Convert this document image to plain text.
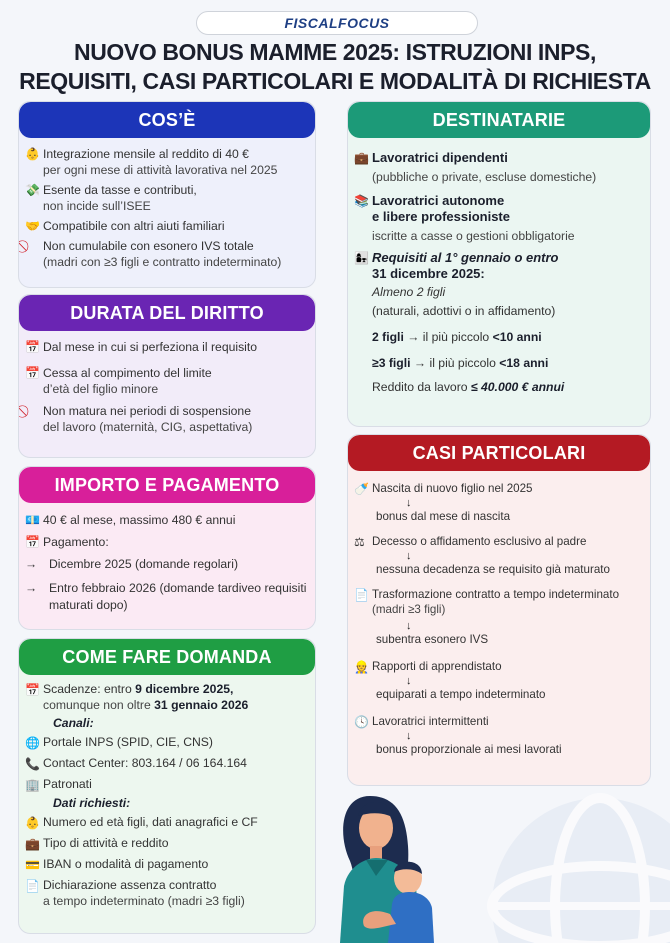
FISCALFOCUS
NUOVO BONUS MAMME 2025: ISTRUZIONI INPS,
REQUISITI, CASI PARTICOLARI E MODALITÀ DI RICHIESTA
COS’È
👶 Integrazione mensile al reddito di 40 €
per ogni mese di attività lavorativa nel 2025
💸 Esente da tasse e contributi,
non incide sull’ISEE
🤝 Compatibile con altri aiuti familiari
Non cumulabile con esonero IVS totale
(madri con ≥3 figli e contratto indeterminato)
DURATA DEL DIRITTO
📅 Dal mese in cui si perfeziona il requisito
📅 Cessa al compimento del limite
d’età del figlio minore
Non matura nei periodi di sospensione
del lavoro (maternità, CIG, aspettativa)
IMPORTO E PAGAMENTO
💶 40 € al mese, massimo 480 € annui
📅 Pagamento:
→ Dicembre 2025 (domande regolari)
→ Entro febbraio 2026 (domande tardiveo requisiti maturati dopo)
COME FARE DOMANDA
📅 Scadenze: entro 9 dicembre 2025,
comunque non oltre 31 gennaio 2026
Canali:
🌐 Portale INPS (SPID, CIE, CNS)
📞 Contact Center: 803.164 / 06 164.164
🏢 Patronati
Dati richiesti:
👶 Numero ed età figli, dati anagrafici e CF
💼 Tipo di attività e reddito
💳 IBAN o modalità di pagamento
📄 Dichiarazione assenza contratto
a tempo indeterminato (madri ≥3 figli)
DESTINATARIE
💼 Lavoratrici dipendenti
(pubbliche o private, escluse domestiche)
📚 Lavoratrici autonome
e libere professioniste
iscritte a casse o gestioni obbligatorie
👩‍👧 Requisiti al 1° gennaio o entro
31 dicembre 2025:
Almeno 2 figli
(naturali, adottivi o in affidamento)
2 figli → il più piccolo <10 anni
≥3 figli → il più piccolo <18 anni
Reddito da lavoro ≤ 40.000 € annui
CASI PARTICOLARI
🍼 Nascita di nuovo figlio nel 2025
↓
bonus dal mese di nascita
⚖ Decesso o affidamento esclusivo al padre
↓
nessuna decadenza se requisito già maturato
📄 Trasformazione contratto a tempo indeterminato
(madri ≥3 figli)
↓
subentra esonero IVS
👷 Rapporti di apprendistato
↓
equiparati a tempo indeterminato
🕓 Lavoratrici intermittenti
↓
bonus proporzionale ai mesi lavorati
